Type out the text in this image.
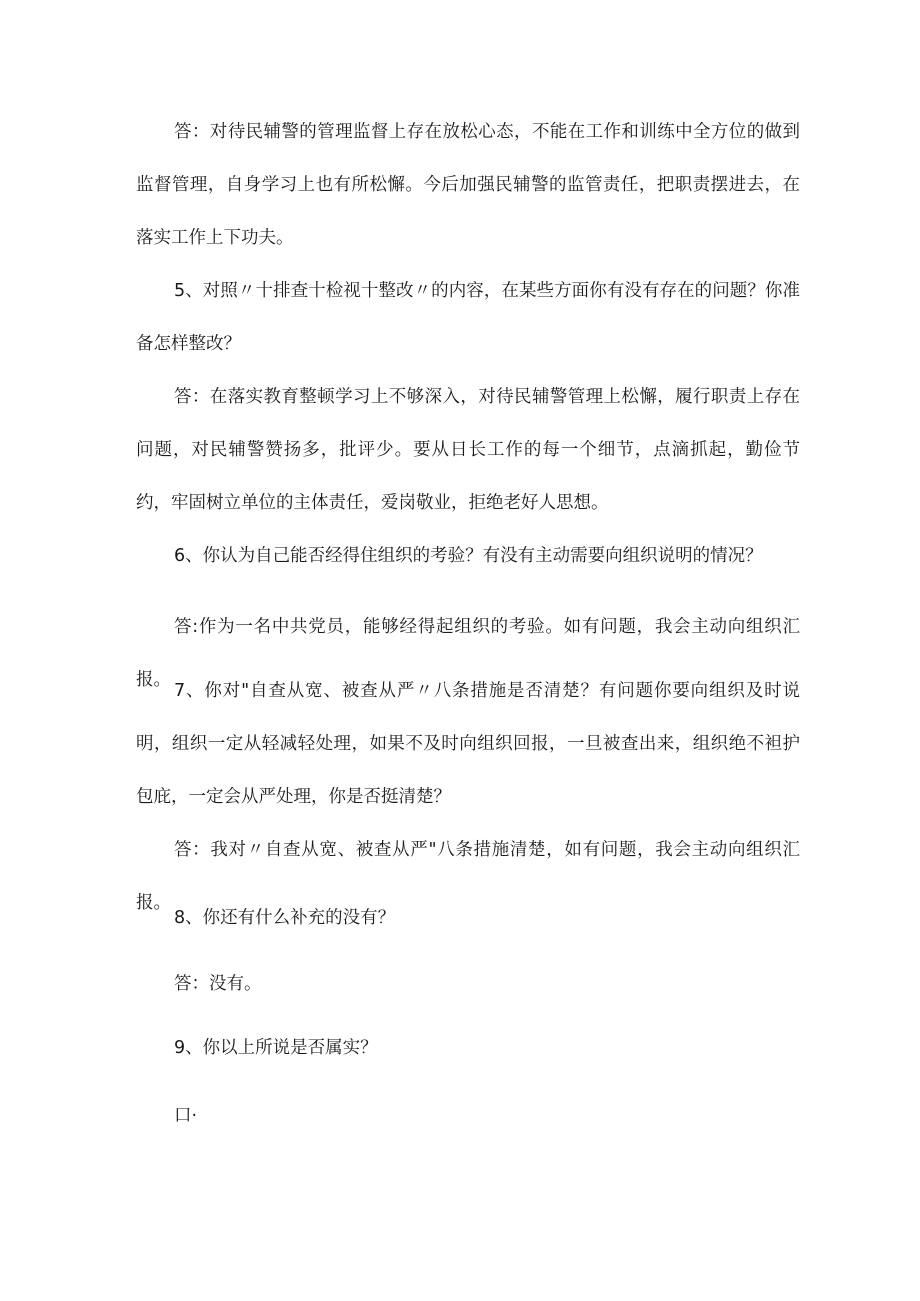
答：对待民辅警的管理监督上存在放松心态，不能在工作和训练中全方位的做到监督管理，自身学习上也有所松懈。今后加强民辅警的监管责任，把职责摆进去，在落实工作上下功夫。

5、对照〃十排查十检视十整改〃的内容，在某些方面你有没有存在的问题？你准备怎样整改？

答：在落实教育整顿学习上不够深入，对待民辅警管理上松懈，履行职责上存在问题，对民辅警赞扬多，批评少。要从日长工作的每一个细节，点滴抓起，勤俭节约，牢固树立单位的主体责任，爱岗敬业，拒绝老好人思想。

6、你认为自己能否经得住组织的考验？有没有主动需要向组织说明的情况？

答:作为一名中共党员，能够经得起组织的考验。如有问题，我会主动向组织汇报。

7、你对"自查从宽、被查从严〃八条措施是否清楚？有问题你要向组织及时说明，组织一定从轻减轻处理，如果不及时向组织回报，一旦被查出来，组织绝不袒护包庇，一定会从严处理，你是否挺清楚？

答：我对〃自查从宽、被查从严"八条措施清楚，如有问题，我会主动向组织汇报。

8、你还有什么补充的没有？

答：没有。

9、你以上所说是否属实？

口·
